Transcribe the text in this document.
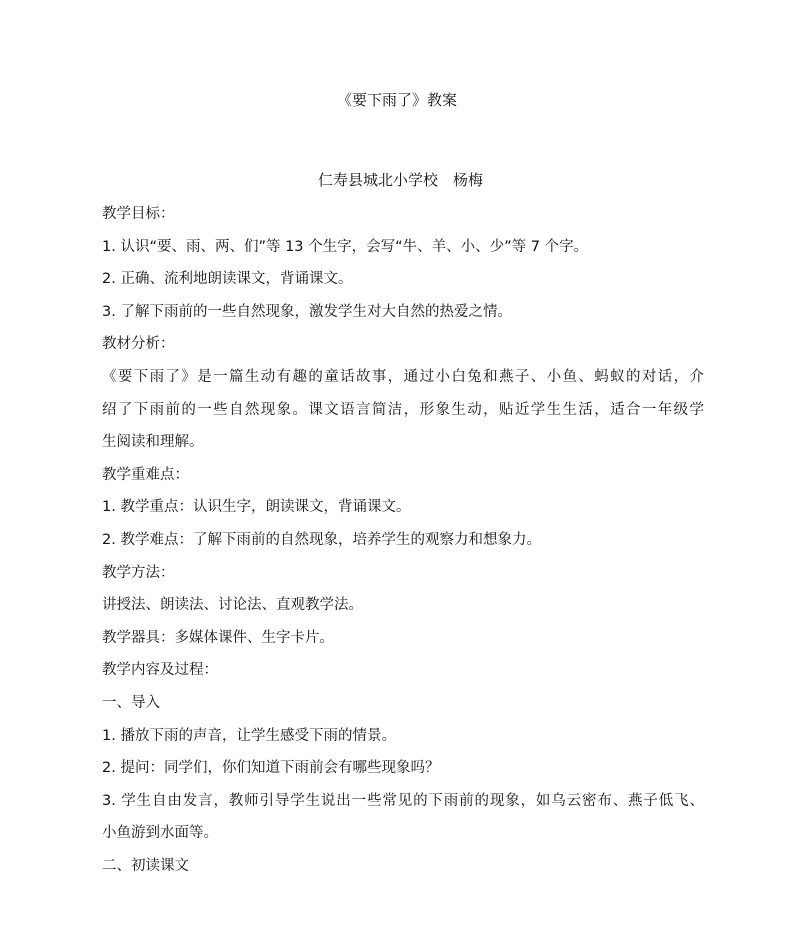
《要下雨了》教案
仁寿县城北小学校　杨梅
教学目标：
1. 认识“要、雨、两、们”等 13 个生字，会写“牛、羊、小、少”等 7 个字。
2. 正确、流利地朗读课文，背诵课文。
3. 了解下雨前的一些自然现象，激发学生对大自然的热爱之情。
教材分析：
《要下雨了》是一篇生动有趣的童话故事，通过小白兔和燕子、小鱼、蚂蚁的对话，介
绍了下雨前的一些自然现象。课文语言简洁，形象生动，贴近学生生活，适合一年级学
生阅读和理解。
教学重难点：
1. 教学重点：认识生字，朗读课文，背诵课文。
2. 教学难点：了解下雨前的自然现象，培养学生的观察力和想象力。
教学方法：
讲授法、朗读法、讨论法、直观教学法。
教学器具：多媒体课件、生字卡片。
教学内容及过程：
一、导入
1. 播放下雨的声音，让学生感受下雨的情景。
2. 提问：同学们，你们知道下雨前会有哪些现象吗？
3. 学生自由发言，教师引导学生说出一些常见的下雨前的现象，如乌云密布、燕子低飞、
小鱼游到水面等。
二、初读课文
